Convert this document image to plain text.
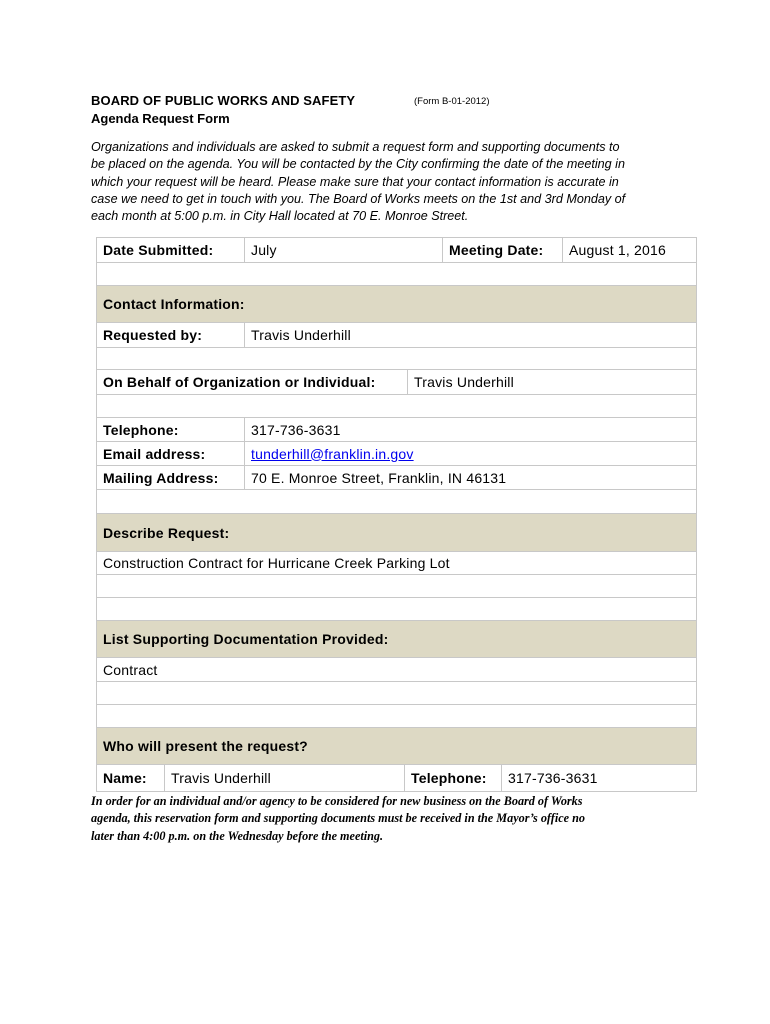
BOARD OF PUBLIC WORKS AND SAFETY	(Form B-01-2012)
Agenda Request Form
Organizations and individuals are asked to submit a request form and supporting documents to
be placed on the agenda. You will be contacted by the City confirming the date of the meeting in
which your request will be heard. Please make sure that your contact information is accurate in
case we need to get in touch with you. The Board of Works meets on the 1st and 3rd Monday of
each month at 5:00 p.m. in City Hall located at 70 E. Monroe Street.
Date Submitted:	July	Meeting Date:	August 1, 2016
Contact Information:
Requested by:	Travis Underhill
On Behalf of Organization or Individual:	Travis Underhill
Telephone:	317-736-3631
Email address:	tunderhill@franklin.in.gov
Mailing Address:	70 E. Monroe Street, Franklin, IN 46131
Describe Request:
Construction Contract for Hurricane Creek Parking Lot
List Supporting Documentation Provided:
Contract
Who will present the request?
Name:	Travis Underhill	Telephone:	317-736-3631
In order for an individual and/or agency to be considered for new business on the Board of Works
agenda, this reservation form and supporting documents must be received in the Mayor’s office no
later than 4:00 p.m. on the Wednesday before the meeting.
